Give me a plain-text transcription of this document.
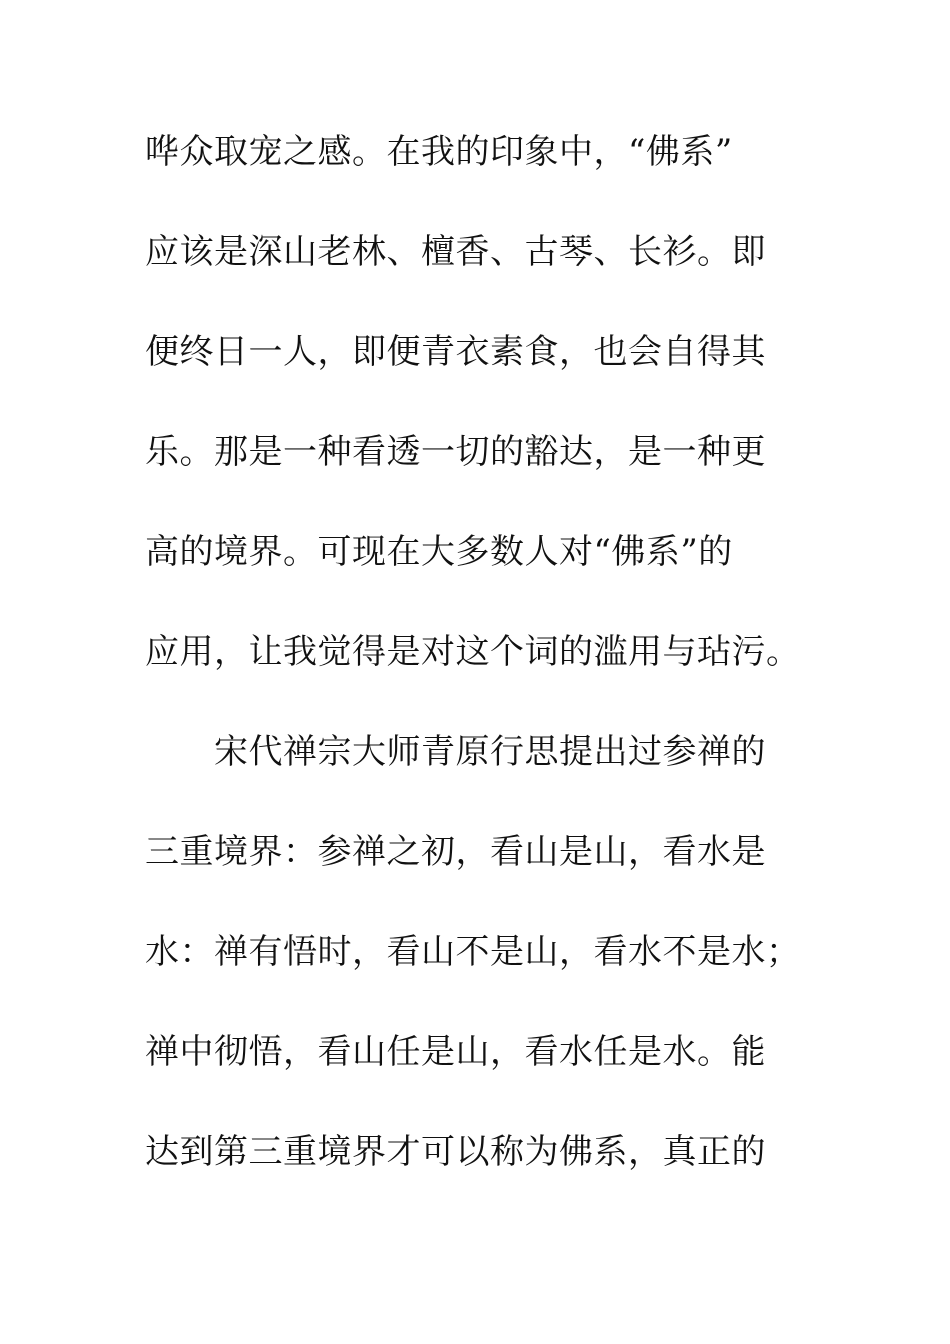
哗众取宠之感。在我的印象中，“佛系”
应该是深山老林、檀香、古琴、长衫。即
便终日一人，即便青衣素食，也会自得其
乐。那是一种看透一切的豁达，是一种更
高的境界。可现在大多数人对“佛系”的
应用，让我觉得是对这个词的滥用与玷污。
宋代禅宗大师青原行思提出过参禅的
三重境界：参禅之初，看山是山，看水是
水：禅有悟时，看山不是山，看水不是水；
禅中彻悟，看山任是山，看水任是水。能
达到第三重境界才可以称为佛系，真正的
